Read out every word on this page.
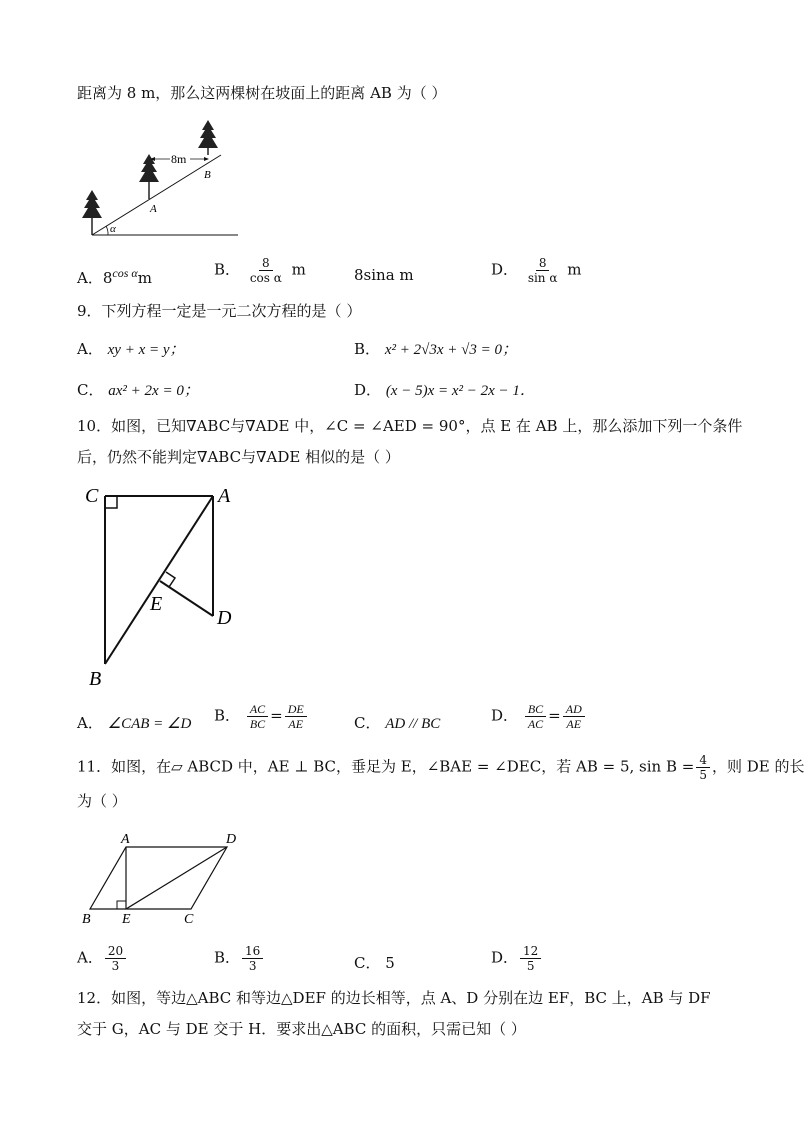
距离为 8 m，那么这两棵树在坡面上的距离 AB 为（ ）
8m
A
B
α
A．$8^{cos \alpha}m$	B． $\frac{8}{\text{cos α}}$ m	8sina m	D． $\frac{8}{\text{sin α}}$ m
9．下列方程一定是一元二次方程的是（ ）
A． xy + x = y；	B． x² + 2√3x + √3 = 0；
C． ax² + 2x = 0；	D． (x − 5)x = x² − 2x − 1．
10．如图，已知∇ABC与∇ADE 中，∠C = ∠AED = 90°，点 E 在 AB 上，那么添加下列一个条件
后，仍然不能判定∇ABC与∇ADE 相似的是（ ）
C	A
E
D
B
A． ∠CAB = ∠D B． $\frac{AC}{BC} = \frac{DE}{AE}$	C． AD // BC	D． $\frac{BC}{AC} = \frac{AD}{AE}$
11．如图，在▱ ABCD 中，AE ⊥ BC，垂足为 E，∠BAE = ∠DEC，若 AB = 5, $\sin B = \frac{4}{5}$ ，则 DE 的长
为（ ）
A	D
B E	C
A． $\frac{20}{3}$	B． $\frac{16}{3}$	C． 5	D． $\frac{12}{5}$
12．如图，等边△ABC 和等边△DEF 的边长相等，点 A、D 分别在边 EF，BC 上，AB 与 DF
交于 G，AC 与 DE 交于 H．要求出△ABC 的面积，只需已知（ ）
